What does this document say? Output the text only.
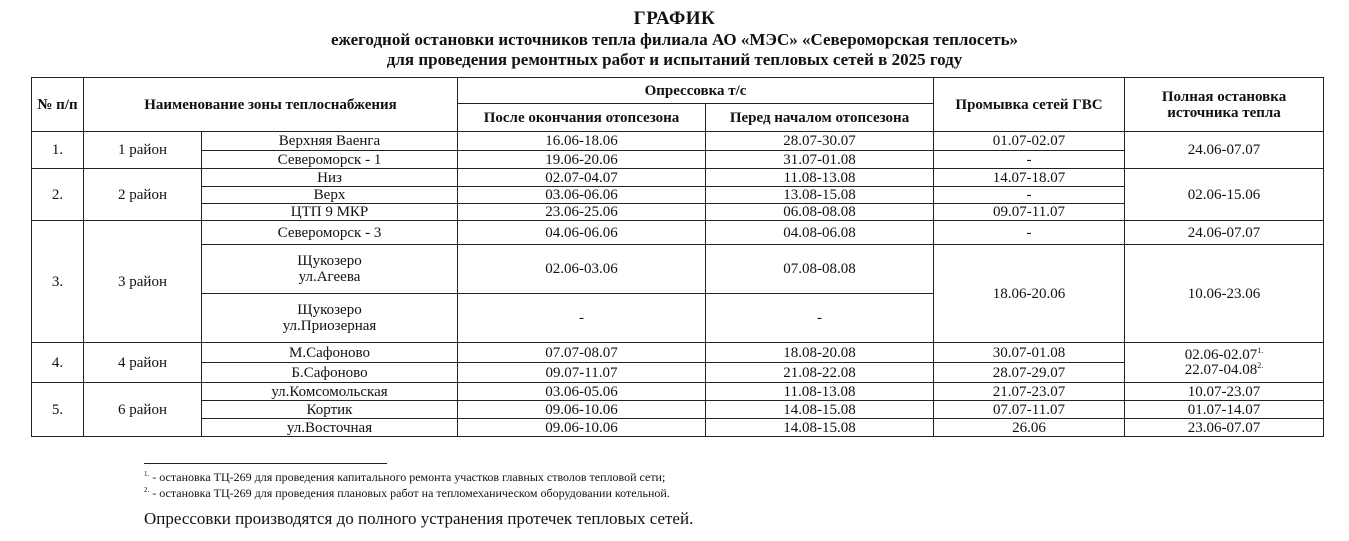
ГРАФИК
ежегодной остановки источников тепла филиала АО «МЭС» «Североморская теплосеть»
для проведения ремонтных работ и испытаний тепловых сетей в 2025 году
№ п/п	Наименование зоны теплоснабжения		Опрессовка т/с		Промывка сетей ГВС	Полная остановка источника тепла
			После окончания отопсезона	Перед началом отопсезона		
1.	1 район	Верхняя Ваенга	16.06-18.06	28.07-30.07	01.07-02.07	24.06-07.07
		Североморск - 1	19.06-20.06	31.07-01.08	-	
2.	2 район	Низ	02.07-04.07	11.08-13.08	14.07-18.07	02.06-15.06
		Верх	03.06-06.06	13.08-15.08	-	
		ЦТП 9 МКР	23.06-25.06	06.08-08.08	09.07-11.07	
3.	3 район	Североморск - 3	04.06-06.06	04.08-06.08	-	24.06-07.07
		Щукозеро
ул.Агеева	02.06-03.06	07.08-08.08	18.06-20.06	10.06-23.06
		Щукозеро
ул.Приозерная	-	-		
4.	4 район	М.Сафоново	07.07-08.07	18.08-20.08	30.07-01.08	$02.06-02.07^{1.}$
$22.07-04.08^{2.}$
		Б.Сафоново	09.07-11.07	21.08-22.08	28.07-29.07	
5.	6 район	ул.Комсомольская	03.06-05.06	11.08-13.08	21.07-23.07	10.07-23.07
		Кортик	09.06-10.06	14.08-15.08	07.07-11.07	01.07-14.07
		ул.Восточная	09.06-10.06	14.08-15.08	26.06	23.06-07.07
$^{1.}$ - остановка ТЦ-269 для проведения капитального ремонта участков главных стволов тепловой сети;
$^{2.}$ - остановка ТЦ-269 для проведения плановых работ на тепломеханическом оборудовании котельной.
Опрессовки производятся до полного устранения протечек тепловых сетей.
